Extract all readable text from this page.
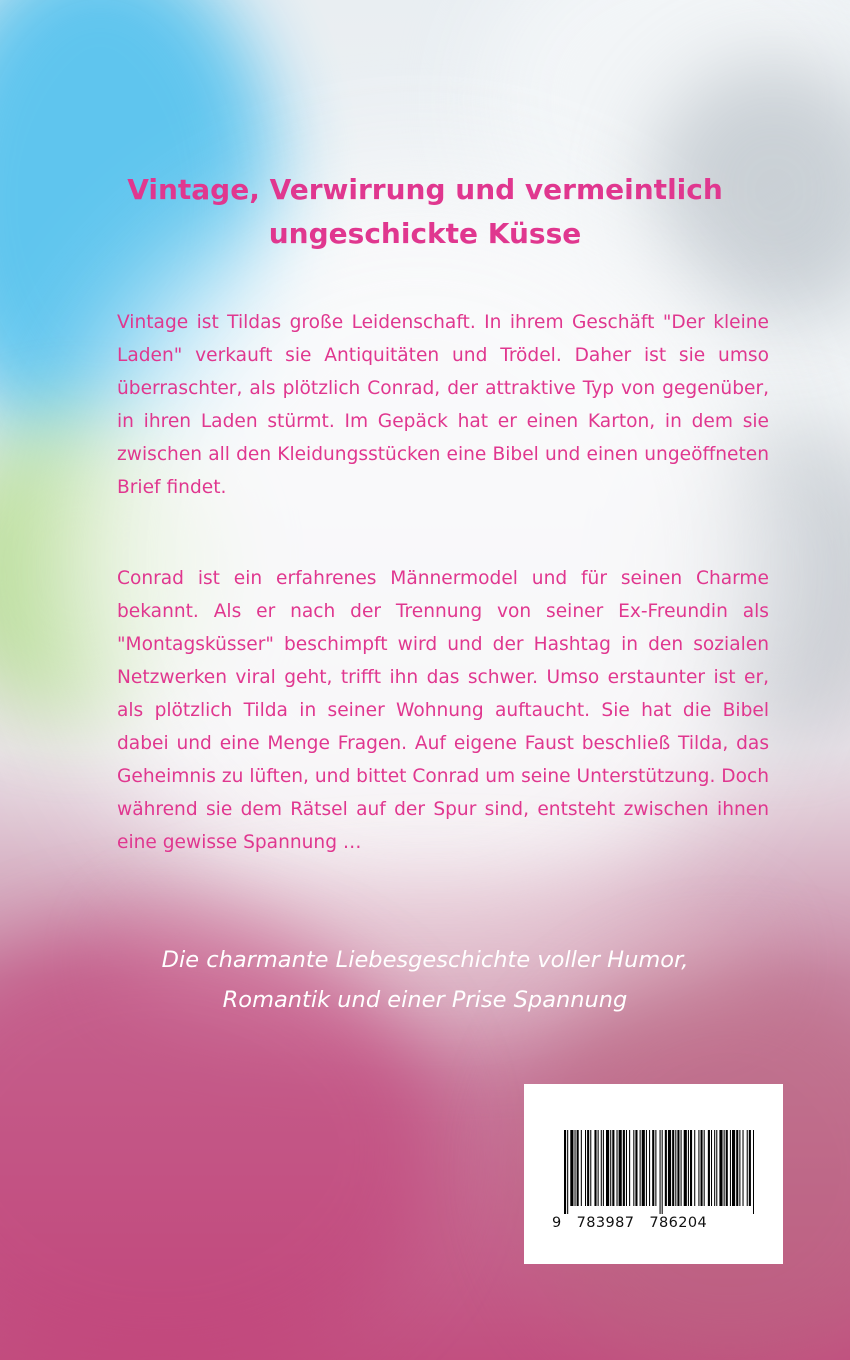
Vintage, Verwirrung und vermeintlich
ungeschickte Küsse

Vintage ist Tildas große Leidenschaft. In ihrem Geschäft "Der kleine Laden" verkauft sie Antiquitäten und Trödel. Daher ist sie umso überraschter, als plötzlich Conrad, der attraktive Typ von gegenüber, in ihren Laden stürmt. Im Gepäck hat er einen Karton, in dem sie zwischen all den Kleidungsstücken eine Bibel und einen ungeöffneten Brief findet.

Conrad ist ein erfahrenes Männermodel und für seinen Charme bekannt. Als er nach der Trennung von seiner Ex-Freundin als "Montagsküsser" beschimpft wird und der Hashtag in den sozialen Netzwerken viral geht, trifft ihn das schwer. Umso erstaunter ist er, als plötzlich Tilda in seiner Wohnung auftaucht. Sie hat die Bibel dabei und eine Menge Fragen. Auf eigene Faust beschließ Tilda, das Geheimnis zu lüften, und bittet Conrad um seine Unterstützung. Doch während sie dem Rätsel auf der Spur sind, entsteht zwischen ihnen eine gewisse Spannung …

Die charmante Liebesgeschichte voller Humor,
Romantik und einer Prise Spannung
9   783987   786204
